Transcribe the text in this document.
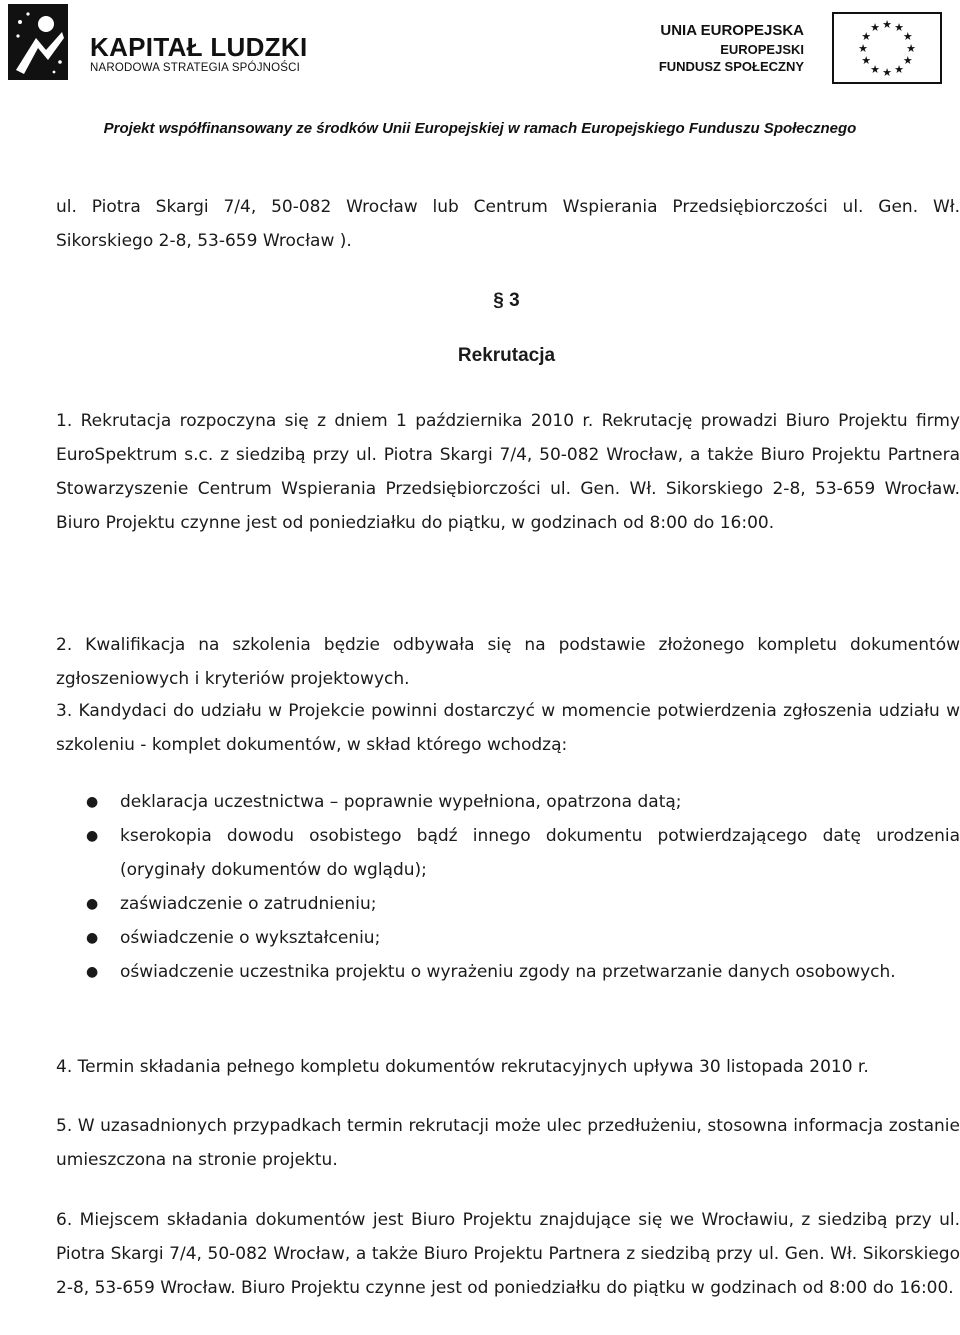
KAPITAŁ LUDZKI
NARODOWA STRATEGIA SPÓJNOŚCI
UNIA EUROPEJSKA
EUROPEJSKI
FUNDUSZ SPOŁECZNY
★
★
★
★
★
★
★
★
★ ★ ★
★
Projekt współfinansowany ze środków Unii Europejskiej w ramach Europejskiego Funduszu Społecznego

ul. Piotra Skargi 7/4, 50-082 Wrocław lub Centrum Wspierania Przedsiębiorczości ul. Gen. Wł.

Sikorskiego 2-8, 53-659 Wrocław ).

§ 3
Rekrutacja

1. Rekrutacja rozpoczyna się z dniem 1 października 2010 r. Rekrutację prowadzi Biuro Projektu firmy EuroSpektrum s.c. z siedzibą przy ul. Piotra Skargi 7/4, 50-082 Wrocław, a także Biuro Projektu Partnera Stowarzyszenie Centrum Wspierania Przedsiębiorczości ul. Gen. Wł. Sikorskiego 2-8, 53-659 Wrocław. Biuro Projektu czynne jest od poniedziałku do piątku, w godzinach od 8:00 do 16:00.

2. Kwalifikacja na szkolenia będzie odbywała się na podstawie złożonego kompletu dokumentów zgłoszeniowych i kryteriów projektowych.

3. Kandydaci do udziału w Projekcie powinni dostarczyć w momencie potwierdzenia zgłoszenia udziału w szkoleniu - komplet dokumentów, w skład którego wchodzą:

● deklaracja uczestnictwa – poprawnie wypełniona, opatrzona datą;
● kserokopia dowodu osobistego bądź innego dokumentu potwierdzającego datę urodzenia (oryginały dokumentów do wglądu);
● zaświadczenie o zatrudnieniu;
● oświadczenie o wykształceniu;
● oświadczenie uczestnika projektu o wyrażeniu zgody na przetwarzanie danych osobowych.

4. Termin składania pełnego kompletu dokumentów rekrutacyjnych upływa 30 listopada 2010 r.

5. W uzasadnionych przypadkach termin rekrutacji może ulec przedłużeniu, stosowna informacja zostanie umieszczona na stronie projektu.

6. Miejscem składania dokumentów jest Biuro Projektu znajdujące się we Wrocławiu, z siedzibą przy ul. Piotra Skargi 7/4, 50-082 Wrocław, a także Biuro Projektu Partnera z siedzibą przy ul. Gen. Wł. Sikorskiego 2-8, 53-659 Wrocław. Biuro Projektu czynne jest od poniedziałku do piątku w godzinach od 8:00 do 16:00.
